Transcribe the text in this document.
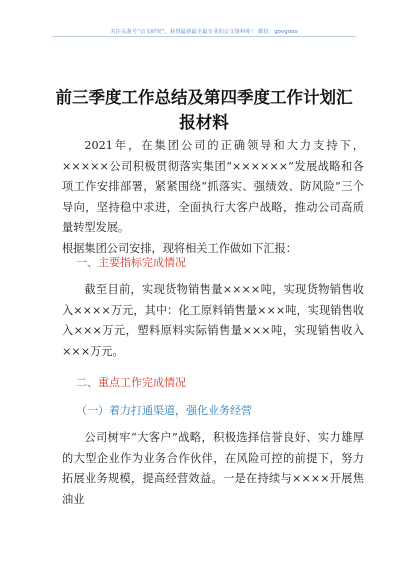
关注头条号“公文研究”，获得最新最全最专业的公文资料库！ 微信：govgooo
前三季度工作总结及第四季度工作计划汇报材料

2021年，在集团公司的正确领导和大力支持下，×××××公司积极贯彻落实集团“××××××”发展战略和各项工作安排部署，紧紧围绕“抓落实、强绩效、防风险”三个导向，坚持稳中求进，全面执行大客户战略，推动公司高质量转型发展。

根据集团公司安排，现将相关工作做如下汇报：

一、主要指标完成情况

截至目前，实现货物销售量××××吨，实现货物销售收入××××万元，其中：化工原料销售量×××吨，实现销售收入×××万元，塑料原料实际销售量×××吨，实现销售收入×××万元。

二、重点工作完成情况
（一）着力打通渠道，强化业务经营

公司树牢“大客户”战略，积极选择信誉良好、实力雄厚的大型企业作为业务合作伙伴，在风险可控的前提下，努力拓展业务规模，提高经营效益。一是在持续与××××开展焦油业
